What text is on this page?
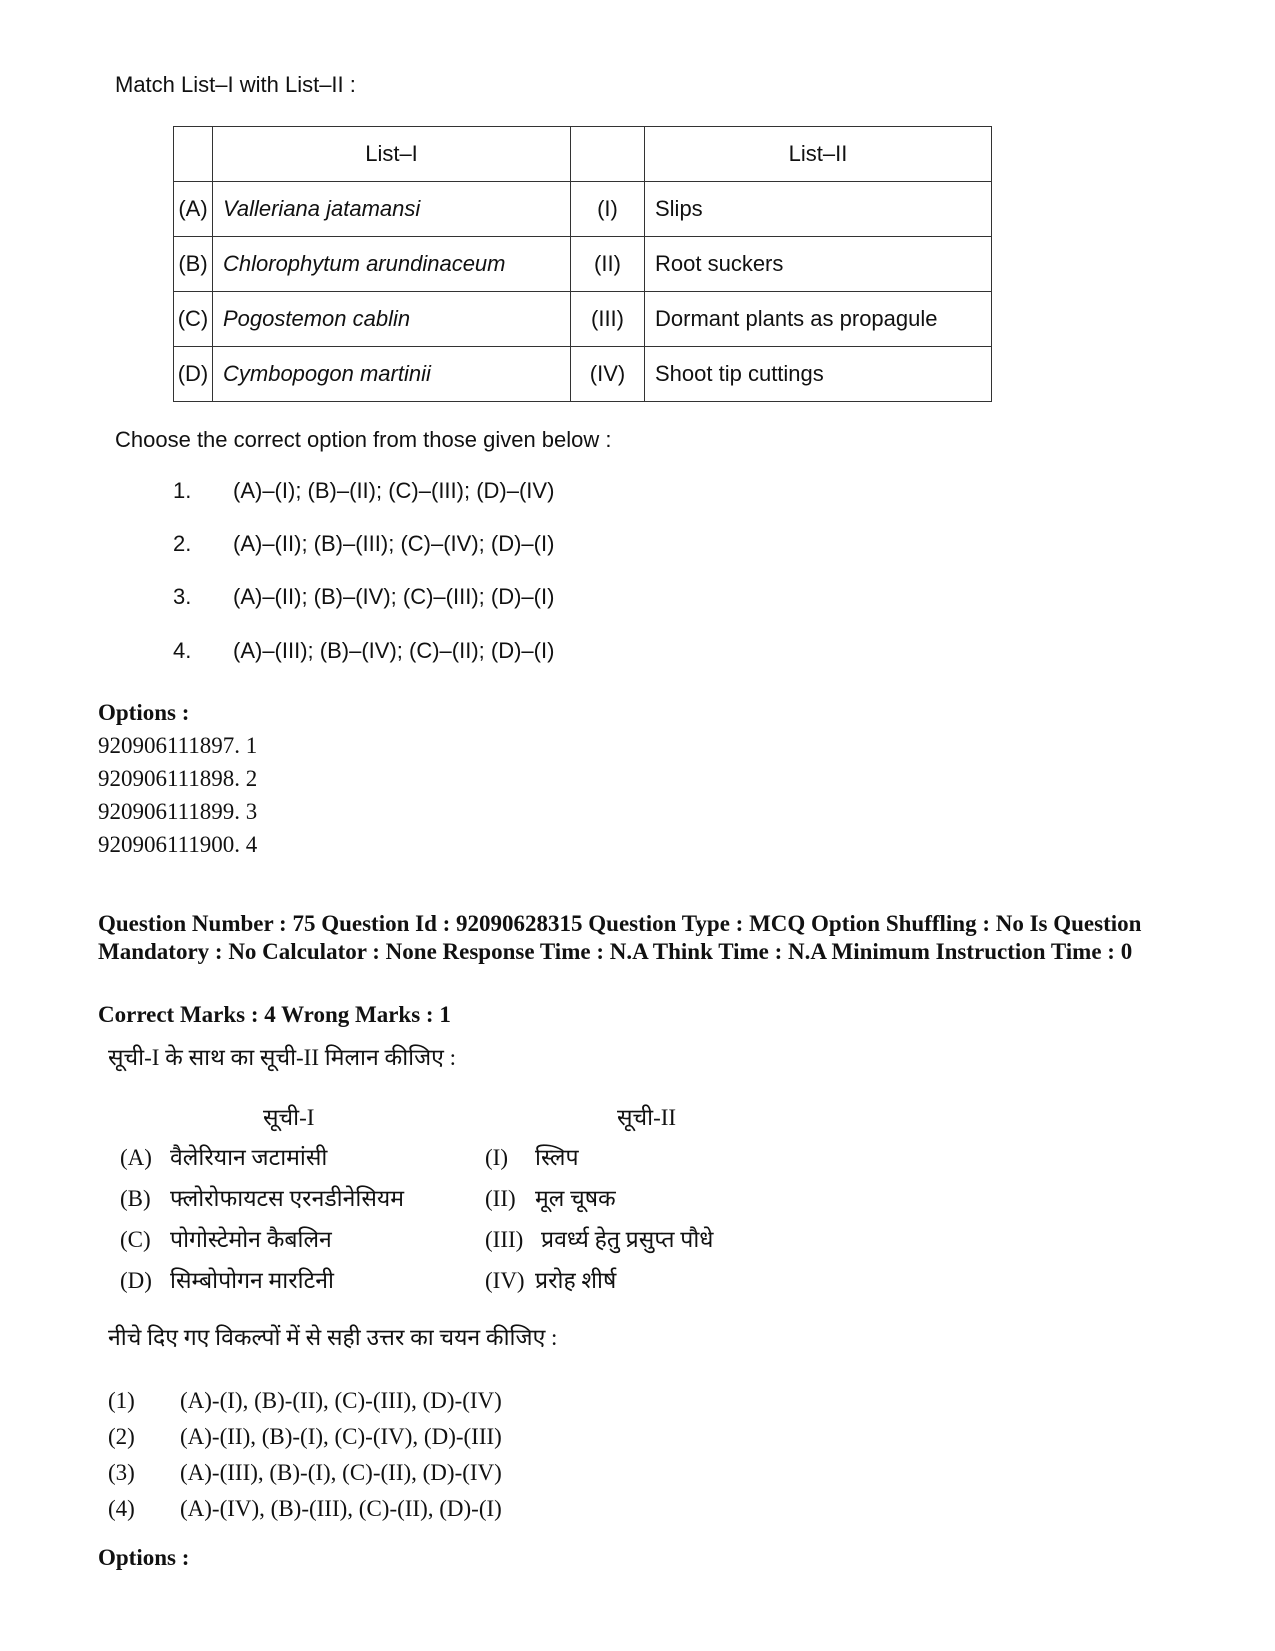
Match List–I with List–II :
	List–I		List–II
(A)	Valleriana jatamansi	(I)	Slips
(B)	Chlorophytum arundinaceum	(II)	Root suckers
(C)	Pogostemon cablin	(III)	Dormant plants as propagule
(D)	Cymbopogon martinii	(IV)	Shoot tip cuttings
Choose the correct option from those given below :
1. (A)–(I); (B)–(II); (C)–(III); (D)–(IV)
2. (A)–(II); (B)–(III); (C)–(IV); (D)–(I)
3. (A)–(II); (B)–(IV); (C)–(III); (D)–(I)
4. (A)–(III); (B)–(IV); (C)–(II); (D)–(I)
Options :
920906111897. 1
920906111898. 2
920906111899. 3
920906111900. 4
Question Number : 75 Question Id : 92090628315 Question Type : MCQ Option Shuffling : No Is Question Mandatory : No Calculator : None Response Time : N.A Think Time : N.A Minimum Instruction Time : 0
Correct Marks : 4 Wrong Marks : 1
सूची-I के साथ का सूची-II मिलान कीजिए :
सूची-I	सूची-II
(A) वैलेरियान जटामांसी	(I) स्लिप
(B) फ्लोरोफायटस एरनडीनेसियम	(II) मूल चूषक
(C) पोगोस्टेमोन कैबलिन	(III) प्रवर्ध्य हेतु प्रसुप्त पौधे
(D) सिम्बोपोगन मारटिनी	(IV) प्ररोह शीर्ष
नीचे दिए गए विकल्पों में से सही उत्तर का चयन कीजिए :
(1) (A)-(I), (B)-(II), (C)-(III), (D)-(IV)
(2) (A)-(II), (B)-(I), (C)-(IV), (D)-(III)
(3) (A)-(III), (B)-(I), (C)-(II), (D)-(IV)
(4) (A)-(IV), (B)-(III), (C)-(II), (D)-(I)
Options :
